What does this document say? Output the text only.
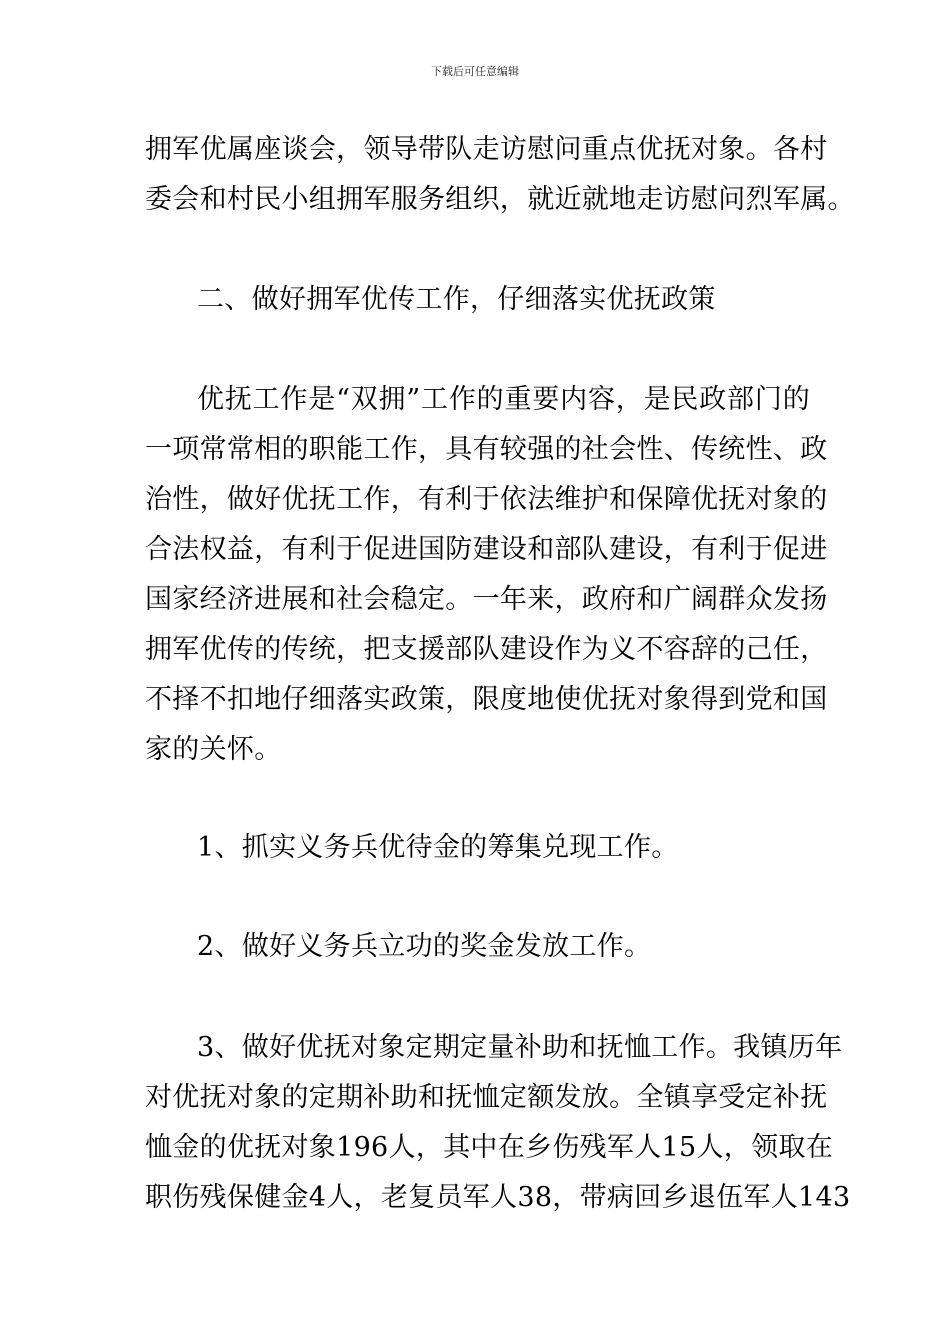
下载后可任意编辑
拥军优属座谈会，领导带队走访慰问重点优抚对象。各村
委会和村民小组拥军服务组织，就近就地走访慰问烈军属。
二、做好拥军优传工作，仔细落实优抚政策
优抚工作是“双拥”工作的重要内容，是民政部门的
一项常常相的职能工作，具有较强的社会性、传统性、政
治性，做好优抚工作，有利于依法维护和保障优抚对象的
合法权益，有利于促进国防建设和部队建设，有利于促进
国家经济进展和社会稳定。一年来，政府和广阔群众发扬
拥军优传的传统，把支援部队建设作为义不容辞的己任，
不择不扣地仔细落实政策，限度地使优抚对象得到党和国
家的关怀。
1、抓实义务兵优待金的筹集兑现工作。
2、做好义务兵立功的奖金发放工作。
3、做好优抚对象定期定量补助和抚恤工作。我镇历年
对优抚对象的定期补助和抚恤定额发放。全镇享受定补抚
恤金的优抚对象196人，其中在乡伤残军人15人，领取在
职伤残保健金4人，老复员军人38，带病回乡退伍军人143
